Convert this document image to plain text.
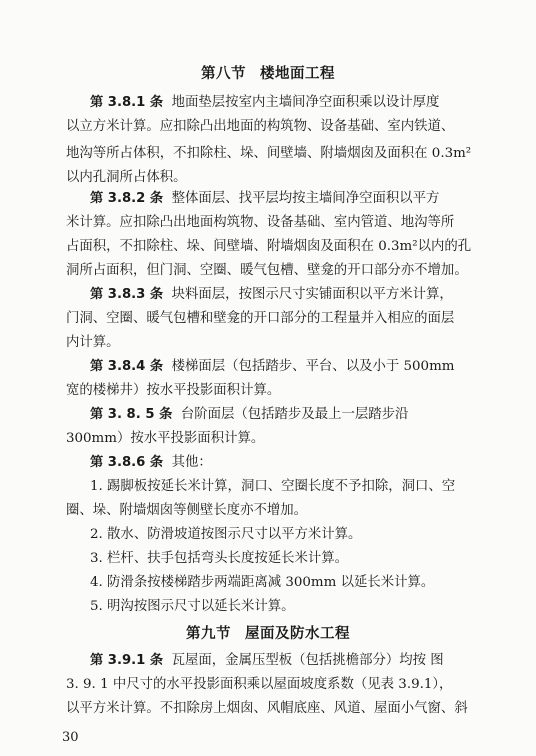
第八节 楼地面工程
第 3.8.1 条 地面垫层按室内主墙间净空面积乘以设计厚度
以立方米计算。应扣除凸出地面的构筑物、设备基础、室内铁道、
地沟等所占体积，不扣除柱、垛、间壁墙、附墙烟囱及面积在 0.3m² 以内孔洞所占体积。
第 3.8.2 条 整体面层、找平层均按主墙间净空面积以平方
米计算。应扣除凸出地面构筑物、设备基础、室内管道、地沟等所
占面积，不扣除柱、垛、间壁墙、附墙烟囱及面积在 0.3m²以内的孔
洞所占面积，但门洞、空圈、暖气包槽、壁龛的开口部分亦不增加。
第 3.8.3 条 块料面层，按图示尺寸实铺面积以平方米计算，
门洞、空圈、暖气包槽和壁龛的开口部分的工程量并入相应的面层
内计算。
第 3.8.4 条 楼梯面层（包括踏步、平台、以及小于 500mm
宽的楼梯井）按水平投影面积计算。
第 3. 8. 5 条 台阶面层（包括踏步及最上一层踏步沿
300mm）按水平投影面积计算。
第 3.8.6 条 其他：
1. 踢脚板按延长米计算，洞口、空圈长度不予扣除，洞口、空
圈、垛、附墙烟囱等侧壁长度亦不增加。
2. 散水、防滑坡道按图示尺寸以平方米计算。
3. 栏杆、扶手包括弯头长度按延长米计算。
4. 防滑条按楼梯踏步两端距离减 300mm 以延长米计算。
5. 明沟按图示尺寸以延长米计算。
第九节 屋面及防水工程
第 3.9.1 条 瓦屋面，金属压型板（包括挑檐部分）均按 图
3. 9. 1 中尺寸的水平投影面积乘以屋面坡度系数（见表 3.9.1），
以平方米计算。不扣除房上烟囱、风帽底座、风道、屋面小气窗、斜
30
